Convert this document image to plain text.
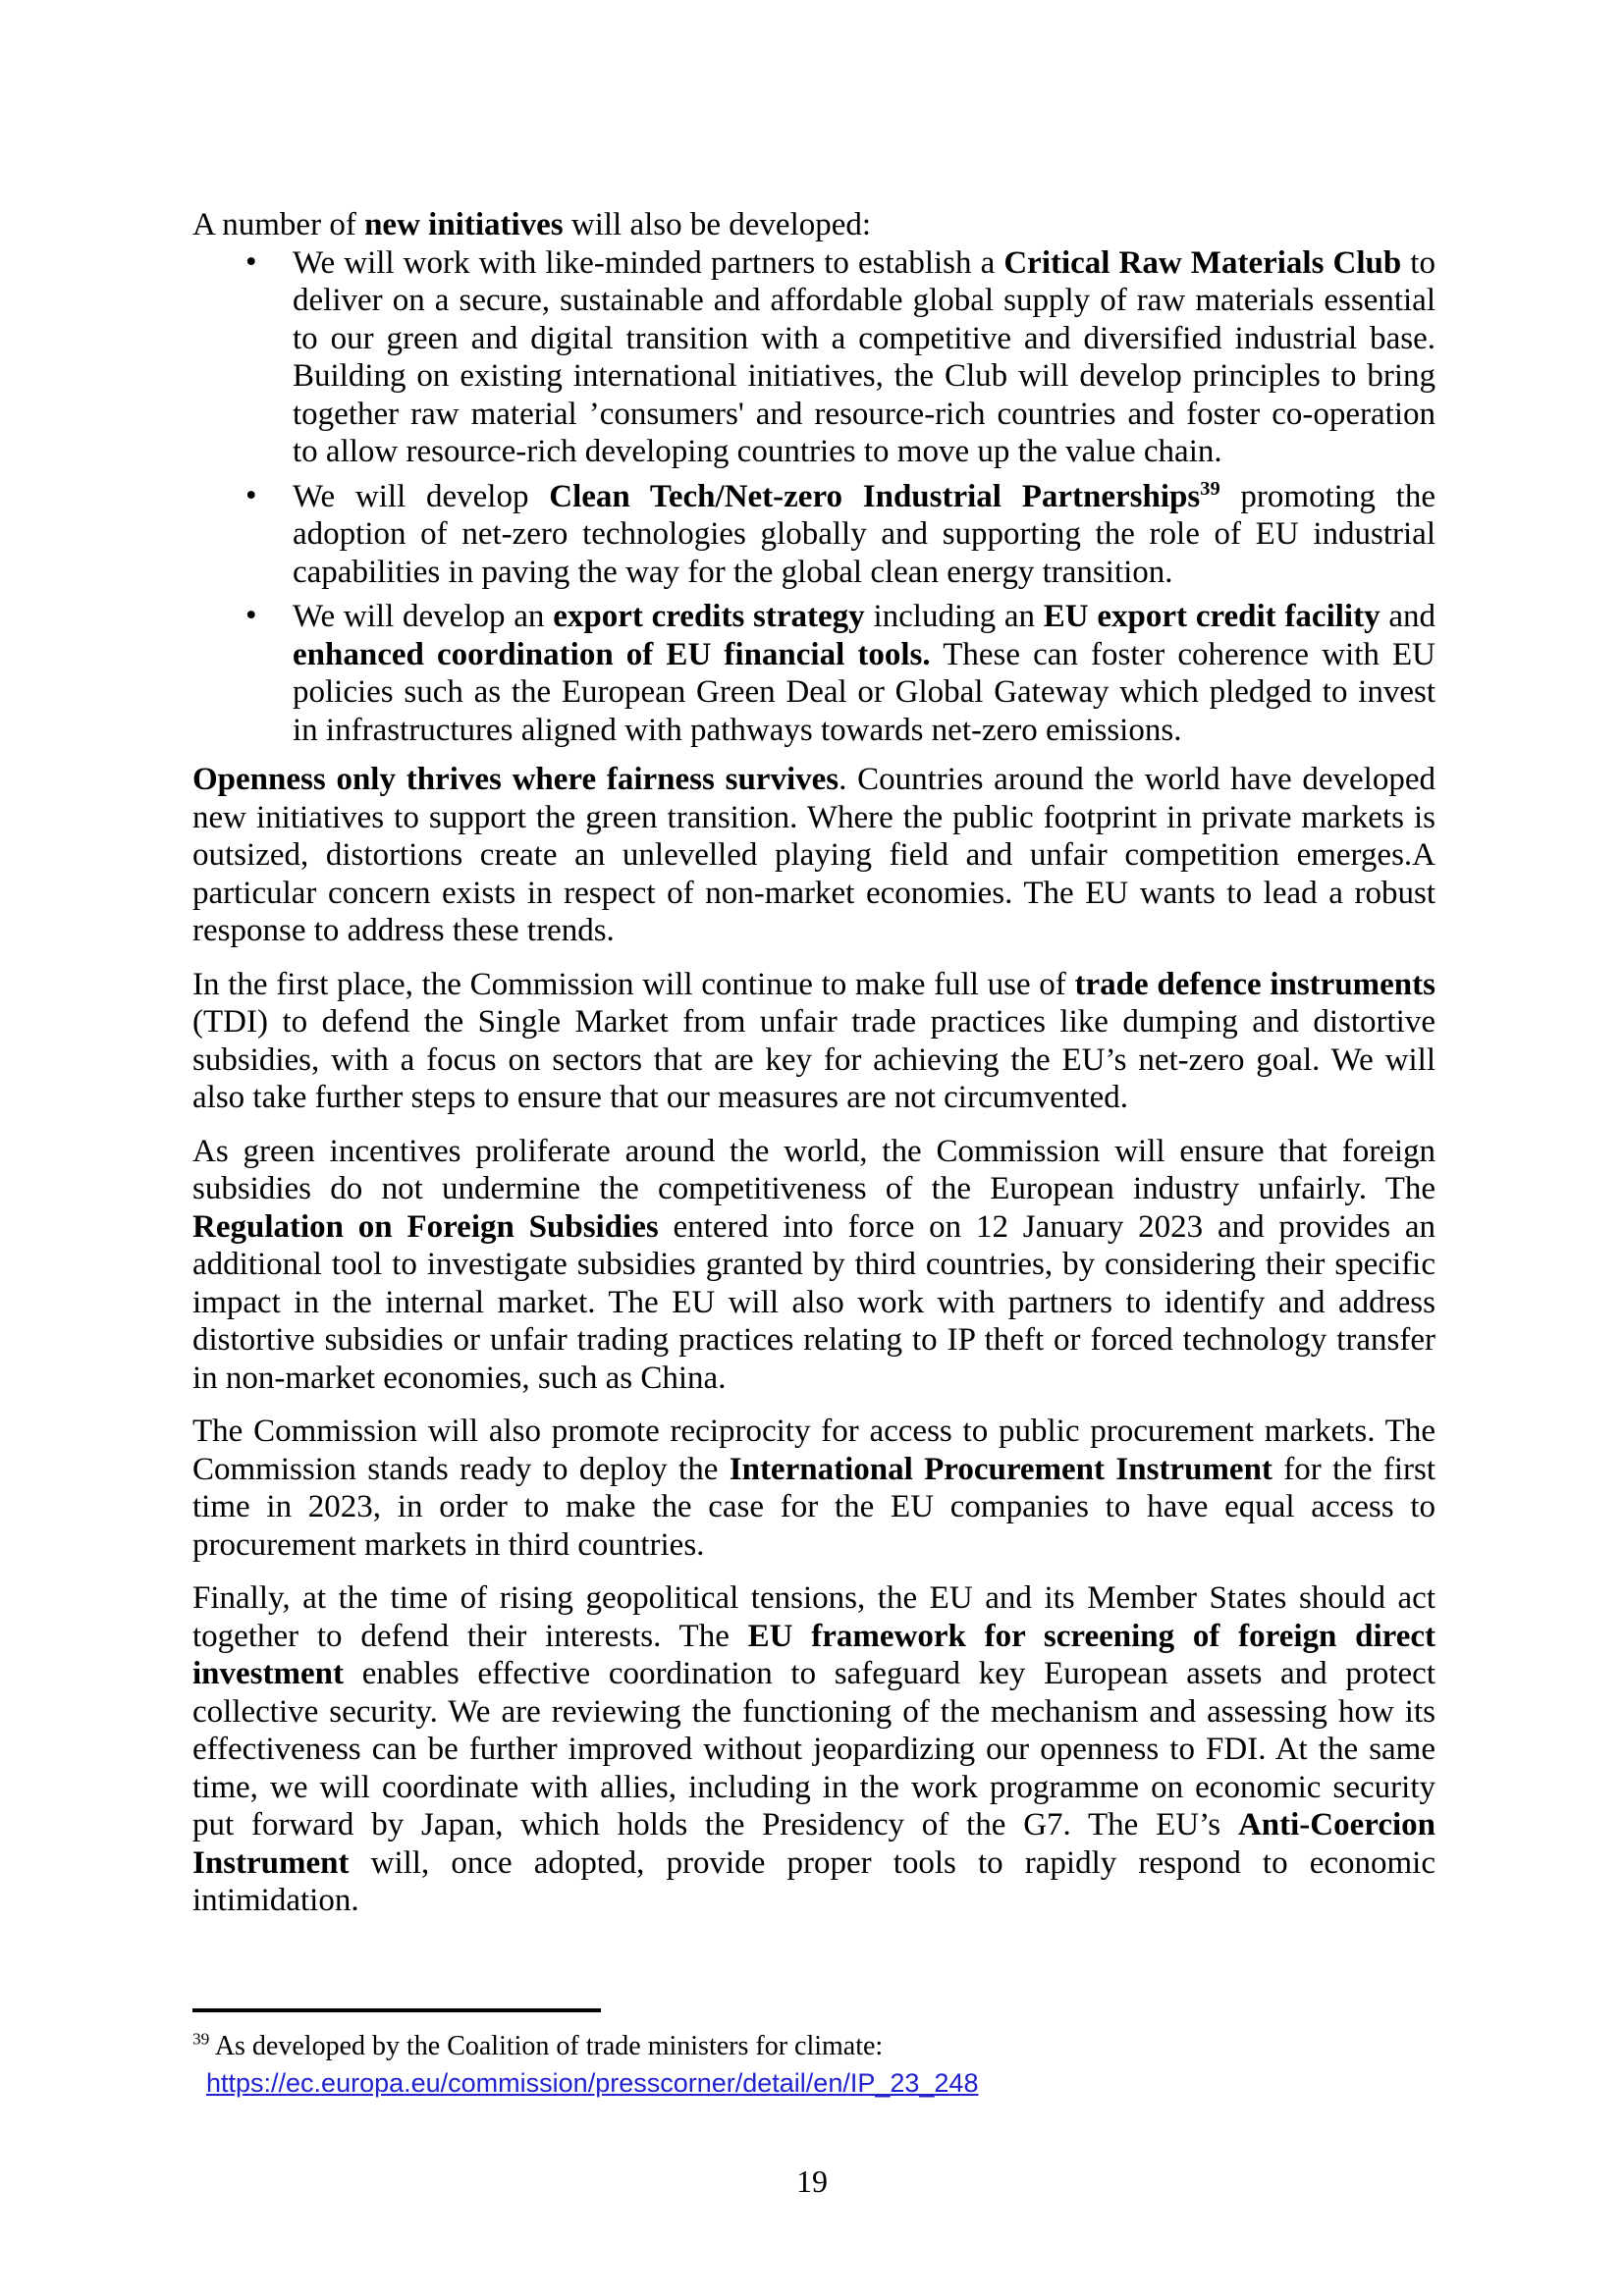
A number of new initiatives will also be developed:

• We will work with like-minded partners to establish a Critical Raw Materials Club to deliver on a secure, sustainable and affordable global supply of raw materials essential to our green and digital transition with a competitive and diversified industrial base. Building on existing international initiatives, the Club will develop principles to bring together raw material ’consumers' and resource-rich countries and foster co-operation to allow resource-rich developing countries to move up the value chain.
• We will develop Clean Tech/Net-zero Industrial Partnerships$^{39}$ promoting the adoption of net-zero technologies globally and supporting the role of EU industrial capabilities in paving the way for the global clean energy transition.
• We will develop an export credits strategy including an EU export credit facility and enhanced coordination of EU financial tools. These can foster coherence with EU policies such as the European Green Deal or Global Gateway which pledged to invest in infrastructures aligned with pathways towards net-zero emissions.

Openness only thrives where fairness survives. Countries around the world have developed new initiatives to support the green transition. Where the public footprint in private markets is outsized, distortions create an unlevelled playing field and unfair competition emerges.A particular concern exists in respect of non-market economies. The EU wants to lead a robust response to address these trends.

In the first place, the Commission will continue to make full use of trade defence instruments (TDI) to defend the Single Market from unfair trade practices like dumping and distortive subsidies, with a focus on sectors that are key for achieving the EU’s net-zero goal. We will also take further steps to ensure that our measures are not circumvented.

As green incentives proliferate around the world, the Commission will ensure that foreign subsidies do not undermine the competitiveness of the European industry unfairly. The Regulation on Foreign Subsidies entered into force on 12 January 2023 and provides an additional tool to investigate subsidies granted by third countries, by considering their specific impact in the internal market. The EU will also work with partners to identify and address distortive subsidies or unfair trading practices relating to IP theft or forced technology transfer in non-market economies, such as China.

The Commission will also promote reciprocity for access to public procurement markets. The Commission stands ready to deploy the International Procurement Instrument for the first time in 2023, in order to make the case for the EU companies to have equal access to procurement markets in third countries.

Finally, at the time of rising geopolitical tensions, the EU and its Member States should act together to defend their interests. The EU framework for screening of foreign direct investment enables effective coordination to safeguard key European assets and protect collective security. We are reviewing the functioning of the mechanism and assessing how its effectiveness can be further improved without jeopardizing our openness to FDI. At the same time, we will coordinate with allies, including in the work programme on economic security put forward by Japan, which holds the Presidency of the G7. The EU’s Anti-Coercion Instrument will, once adopted, provide proper tools to rapidly respond to economic intimidation.

$^{39}$ As developed by the Coalition of trade ministers for climate:
https://ec.europa.eu/commission/presscorner/detail/en/IP_23_248
19
